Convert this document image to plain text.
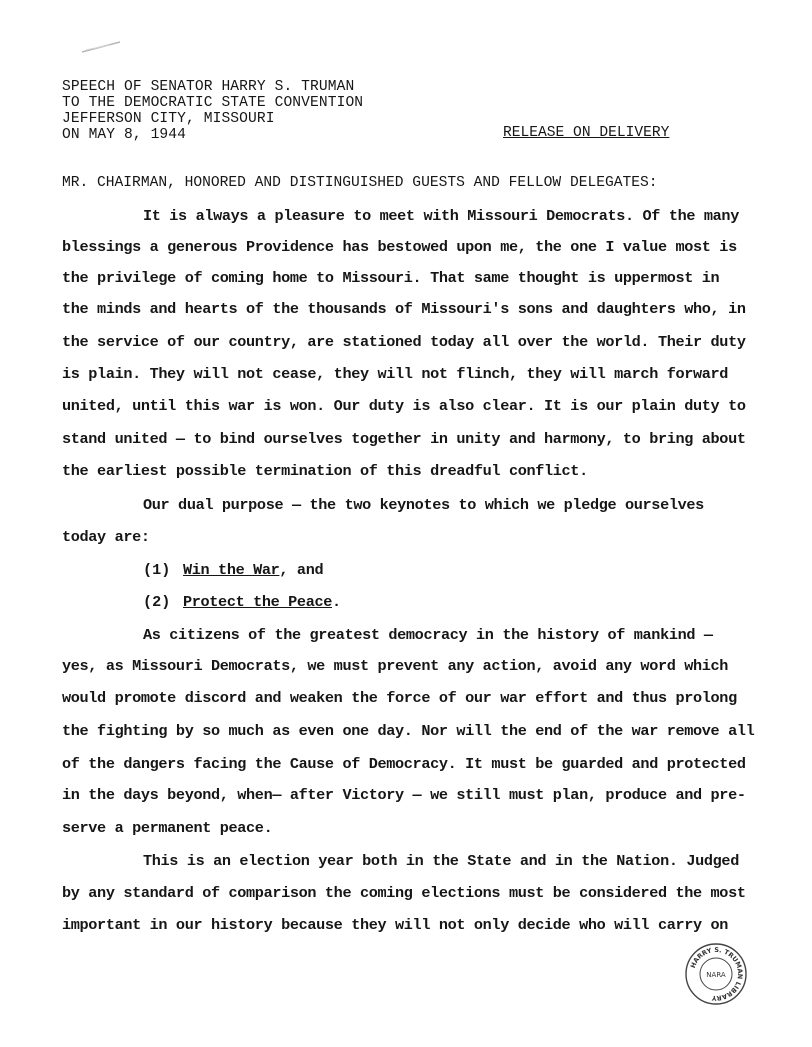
SPEECH OF SENATOR HARRY S. TRUMAN
TO THE DEMOCRATIC STATE CONVENTION
JEFFERSON CITY, MISSOURI
ON MAY 8, 1944	RELEASE ON DELIVERY
MR. CHAIRMAN, HONORED AND DISTINGUISHED GUESTS AND FELLOW DELEGATES:
It is always a pleasure to meet with Missouri Democrats. Of the many
blessings a generous Providence has bestowed upon me, the one I value most is
the privilege of coming home to Missouri. That same thought is uppermost in
the minds and hearts of the thousands of Missouri's sons and daughters who, in
the service of our country, are stationed today all over the world. Their duty
is plain. They will not cease, they will not flinch, they will march forward
united, until this war is won. Our duty is also clear. It is our plain duty to
stand united — to bind ourselves together in unity and harmony, to bring about
the earliest possible termination of this dreadful conflict.
Our dual purpose — the two keynotes to which we pledge ourselves
today are:
(1) Win the War, and
(2) Protect the Peace.
As citizens of the greatest democracy in the history of mankind —
yes, as Missouri Democrats, we must prevent any action, avoid any word which
would promote discord and weaken the force of our war effort and thus prolong
the fighting by so much as even one day. Nor will the end of the war remove all
of the dangers facing the Cause of Democracy. It must be guarded and protected
in the days beyond, when— after Victory — we still must plan, produce and pre-
serve a permanent peace.
This is an election year both in the State and in the Nation. Judged
by any standard of comparison the coming elections must be considered the most
important in our history because they will not only decide who will carry on
HARRY S. TRUMAN LIBRARY
NARA
